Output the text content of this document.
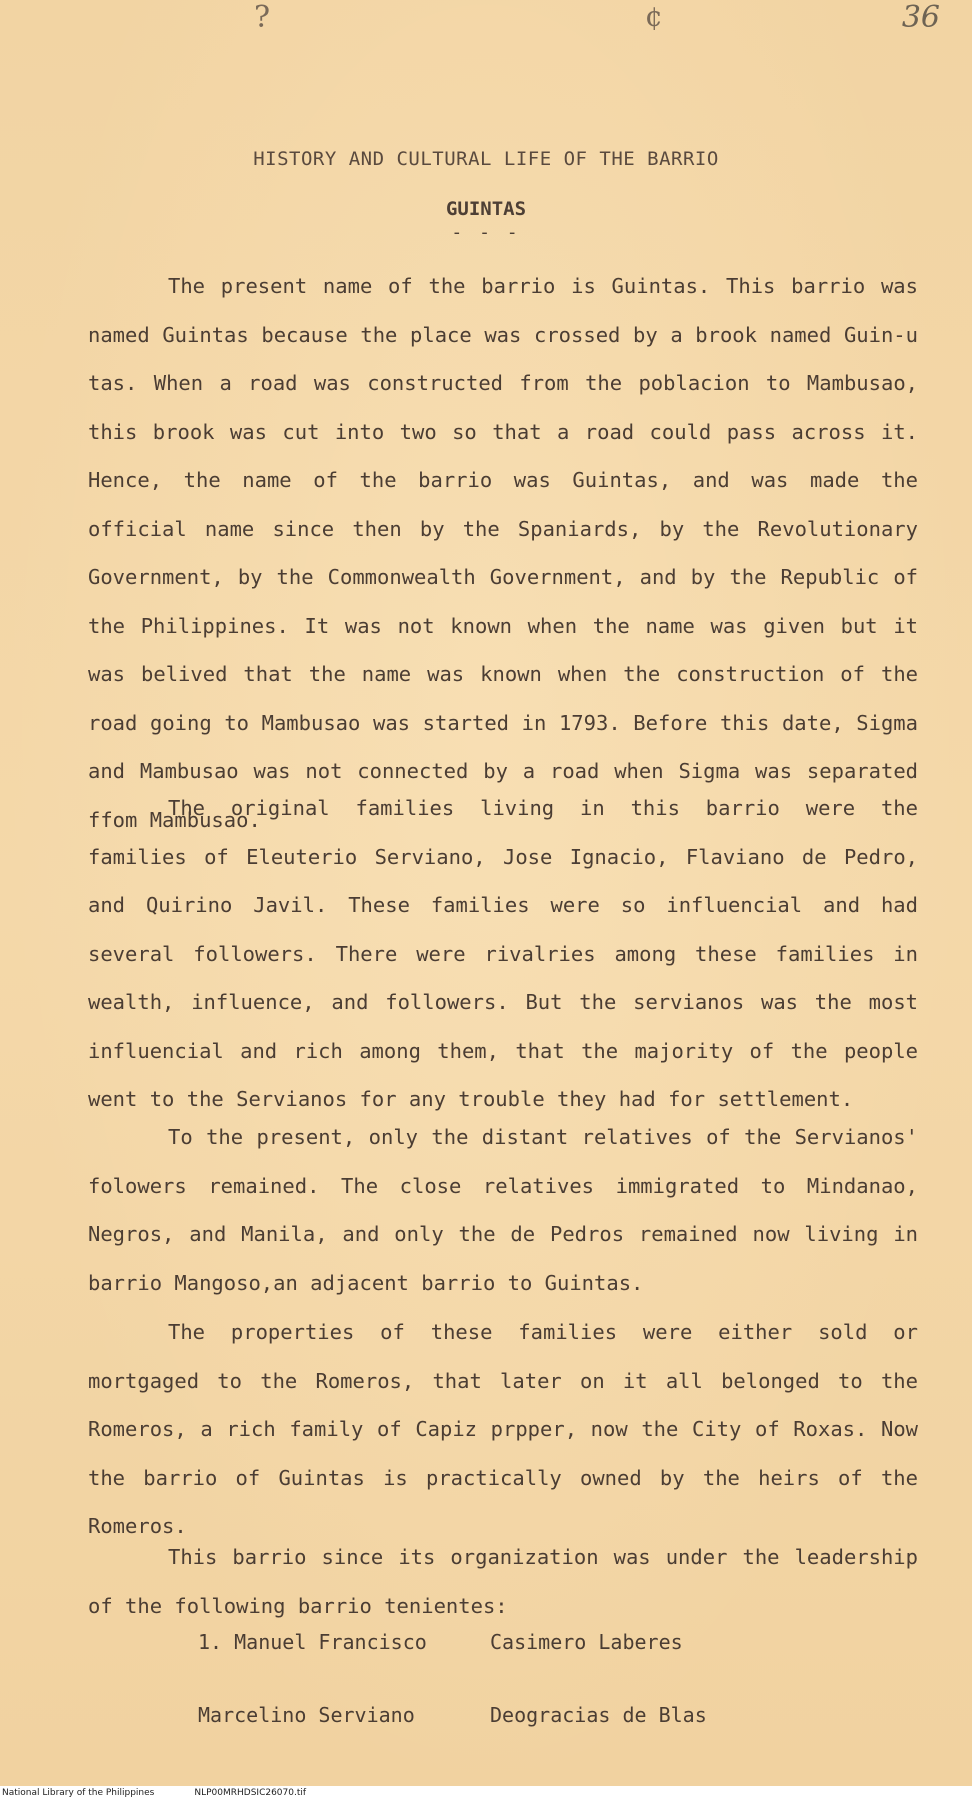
?	¢	36
HISTORY AND CULTURAL LIFE OF THE BARRIO
GUINTAS
- - -

The present name of the barrio is Guintas. This barrio was named Guintas because the place was crossed by a brook named Guin-u tas. When a road was constructed from the poblacion to Mambusao, this brook was cut into two so that a road could pass across it. Hence, the name of the barrio was Guintas, and was made the official name since then by the Spaniards, by the Revolutionary Government, by the Commonwealth Government, and by the Republic of the Philippines. It was not known when the name was given but it was belived that the name was known when the construction of the road going to Mambusao was started in 1793. Before this date, Sigma and Mambusao was not connected by a road when Sigma was separated ffom Mambusao.

The original families living in this barrio were the families of Eleuterio Serviano, Jose Ignacio, Flaviano de Pedro, and Quirino Javil. These families were so influencial and had several followers. There were rivalries among these families in wealth, influence, and followers. But the servianos was the most influencial and rich among them, that the majority of the people went to the Servianos for any trouble they had for settlement.

To the present, only the distant relatives of the Servianos' folowers remained. The close relatives immigrated to Mindanao, Negros, and Manila, and only the de Pedros remained now living in barrio Mangoso,an adjacent barrio to Guintas.

The properties of these families were either sold or mortgaged to the Romeros, that later on it all belonged to the Romeros, a rich family of Capiz prpper, now the City of Roxas. Now the barrio of Guintas is practically owned by the heirs of the Romeros.

This barrio since its organization was under the leadership of the following barrio tenientes:

1. Manuel Francisco	Casimero Laberes
Marcelino Serviano	Deogracias de Blas
National Library of the Philippines	NLP00MRHDSIC26070.tif
